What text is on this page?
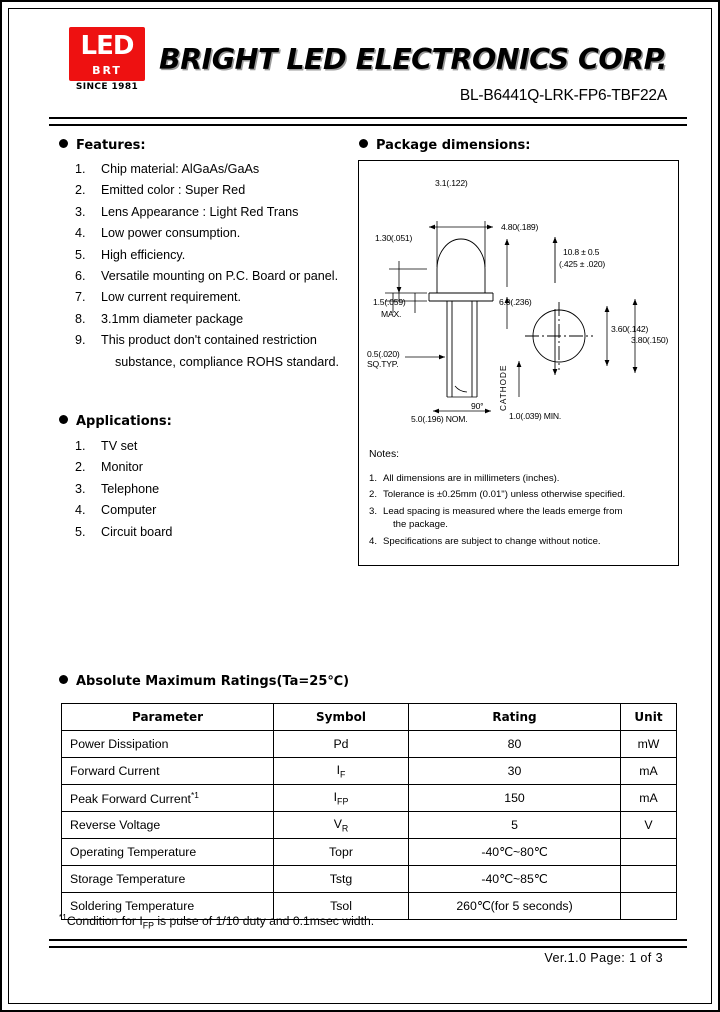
LED
BRT
SINCE 1981
BRIGHT LED ELECTRONICS CORP.
BL-B6441Q-LRK-FP6-TBF22A
Features:
1.	Chip material: AlGaAs/GaAs
2.	Emitted color : Super Red
3.	Lens Appearance : Light Red Trans
4.	Low power consumption.
5.	High efficiency.
6.	Versatile mounting on P.C. Board or panel.
7.	Low current requirement.
8.	3.1mm diameter package
9.	This product don't contained restriction
substance, compliance ROHS standard.
Applications:
1.	TV set
2.	Monitor
3.	Telephone
4.	Computer
5.	Circuit board
Package dimensions:
3.1(.122)
1.30(.051)
4.80(.189)
1.5(.059)
MAX.
6.0(.236)
10.8 ± 0.5
(.425 ± .020)
90° CATHODE
0.5(.020)
SQ.TYP.
5.0(.196) NOM.	1.0(.039) MIN.
3.60(.142)
3.80(.150)
Notes:
1. All dimensions are in millimeters (inches).
2. Tolerance is ±0.25mm (0.01") unless otherwise specified.
3. Lead spacing is measured where the leads emerge from
the package.
4. Specifications are subject to change without notice.
Absolute Maximum Ratings(Ta=25℃)
Parameter	Symbol	Rating	Unit
Power Dissipation	Pd	80	mW
Forward Current	$I_F$	30	mA
Peak Forward Current$^{*1}$	$I_{FP}$	150	mA
Reverse Voltage	$V_R$	5	V
Operating Temperature	Topr	-40℃~80℃	
Storage Temperature	Tstg	-40℃~85℃	
Soldering Temperature	Tsol	260℃(for 5 seconds)	
$^{*1}$Condition for $I_{FP}$ is pulse of 1/10 duty and 0.1msec width.
Ver.1.0 Page: 1 of 3
